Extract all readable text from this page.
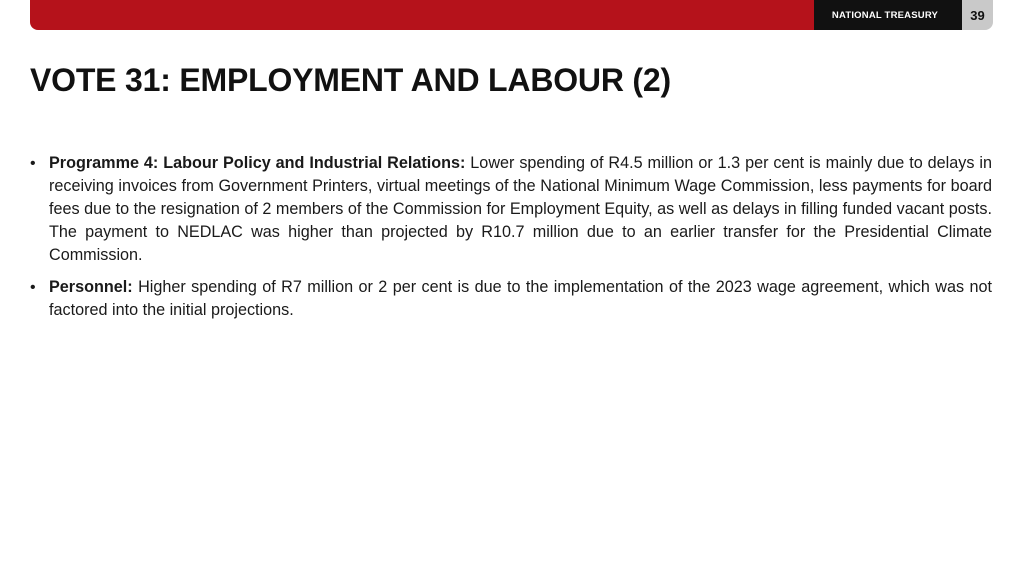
NATIONAL TREASURY	39
VOTE 31: EMPLOYMENT AND LABOUR (2)
• Programme 4: Labour Policy and Industrial Relations: Lower spending of R4.5 million or 1.3 per cent is mainly due to delays in receiving invoices from Government Printers, virtual meetings of the National Minimum Wage Commission, less payments for board fees due to the resignation of 2 members of the Commission for Employment Equity, as well as delays in filling funded vacant posts. The payment to NEDLAC was higher than projected by R10.7 million due to an earlier transfer for the Presidential Climate Commission.
• Personnel: Higher spending of R7 million or 2 per cent is due to the implementation of the 2023 wage agreement, which was not factored into the initial projections.
